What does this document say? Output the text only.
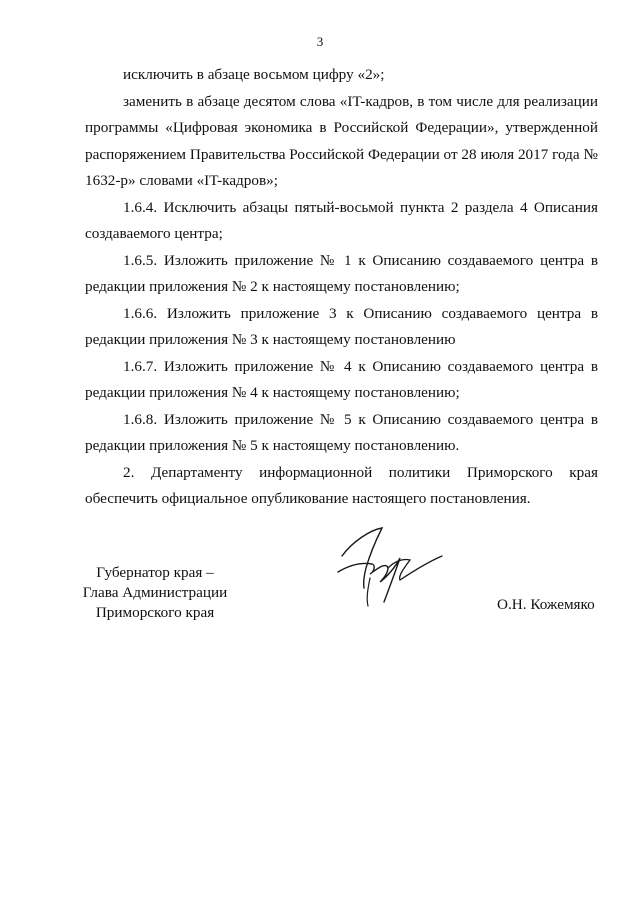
3

исключить в абзаце восьмом цифру «2»;

заменить в абзаце десятом слова «IT-кадров, в том числе для реализации программы «Цифровая экономика в Российской Федерации», утвержденной распоряжением Правительства Российской Федерации от 28 июля 2017 года № 1632-р» словами «IT-кадров»;

1.6.4. Исключить абзацы пятый-восьмой пункта 2 раздела 4 Описания создаваемого центра;

1.6.5. Изложить приложение № 1 к Описанию создаваемого центра в редакции приложения № 2 к настоящему постановлению;

1.6.6. Изложить приложение 3 к Описанию создаваемого центра в редакции приложения № 3 к настоящему постановлению

1.6.7. Изложить приложение № 4 к Описанию создаваемого центра в редакции приложения № 4 к настоящему постановлению;

1.6.8. Изложить приложение № 5 к Описанию создаваемого центра в редакции приложения № 5 к настоящему постановлению.

2. Департаменту информационной политики Приморского края обеспечить официальное опубликование настоящего постановления.

Губернатор края –
Глава Администрации
Приморского края	О.Н. Кожемяко
